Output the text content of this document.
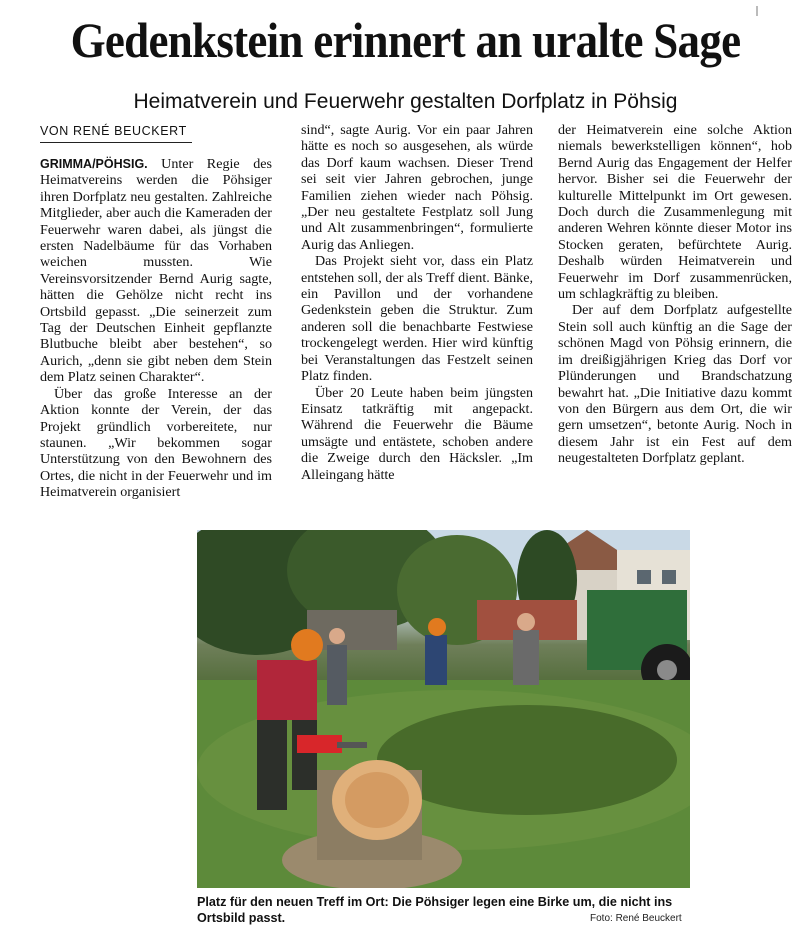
Gedenkstein erinnert an uralte Sage
Heimatverein und Feuerwehr gestalten Dorfplatz in Pöhsig
VON RENÉ BEUCKERT

GRIMMA/PÖHSIG. Unter Regie des Heimatvereins werden die Pöhsiger ihren Dorfplatz neu gestalten. Zahlreiche Mitglieder, aber auch die Kameraden der Feuerwehr waren dabei, als jüngst die ersten Nadelbäume für das Vorhaben weichen mussten. Wie Vereinsvorsitzender Bernd Aurig sagte, hätten die Gehölze nicht recht ins Ortsbild gepasst. „Die seinerzeit zum Tag der Deutschen Einheit gepflanzte Blutbuche bleibt aber bestehen“, so Aurich, „denn sie gibt neben dem Stein dem Platz seinen Charakter“.

Über das große Interesse an der Aktion konnte der Verein, der das Projekt gründlich vorbereitete, nur staunen. „Wir bekommen sogar Unterstützung von den Bewohnern des Ortes, die nicht in der Feuerwehr und im Heimatverein organisiert

sind“, sagte Aurig. Vor ein paar Jahren hätte es noch so ausgesehen, als würde das Dorf kaum wachsen. Dieser Trend sei seit vier Jahren gebrochen, junge Familien ziehen wieder nach Pöhsig. „Der neu gestaltete Festplatz soll Jung und Alt zusammenbringen“, formulierte Aurig das Anliegen.

Das Projekt sieht vor, dass ein Platz entstehen soll, der als Treff dient. Bänke, ein Pavillon und der vorhandene Gedenkstein geben die Struktur. Zum anderen soll die benachbarte Festwiese trockengelegt werden. Hier wird künftig bei Veranstaltungen das Festzelt seinen Platz finden.

Über 20 Leute haben beim jüngsten Einsatz tatkräftig mit angepackt. Während die Feuerwehr die Bäume umsägte und entästete, schoben andere die Zweige durch den Häcksler. „Im Alleingang hätte

der Heimatverein eine solche Aktion niemals bewerkstelligen können“, hob Bernd Aurig das Engagement der Helfer hervor. Bisher sei die Feuerwehr der kulturelle Mittelpunkt im Ort gewesen. Doch durch die Zusammenlegung mit anderen Wehren könnte dieser Motor ins Stocken geraten, befürchtete Aurig. Deshalb würden Heimatverein und Feuerwehr im Dorf zusammenrücken, um schlagkräftig zu bleiben.

Der auf dem Dorfplatz aufgestellte Stein soll auch künftig an die Sage der schönen Magd von Pöhsig erinnern, die im dreißigjährigen Krieg das Dorf vor Plünderungen und Brandschatzung bewahrt hat. „Die Initiative dazu kommt von den Bürgern aus dem Ort, die wir gern umsetzen“, betonte Aurig. Noch in diesem Jahr ist ein Fest auf dem neugestalteten Dorfplatz geplant.

Platz für den neuen Treff im Ort: Die Pöhsiger legen eine Birke um, die nicht ins Ortsbild passt.	Foto: René Beuckert
